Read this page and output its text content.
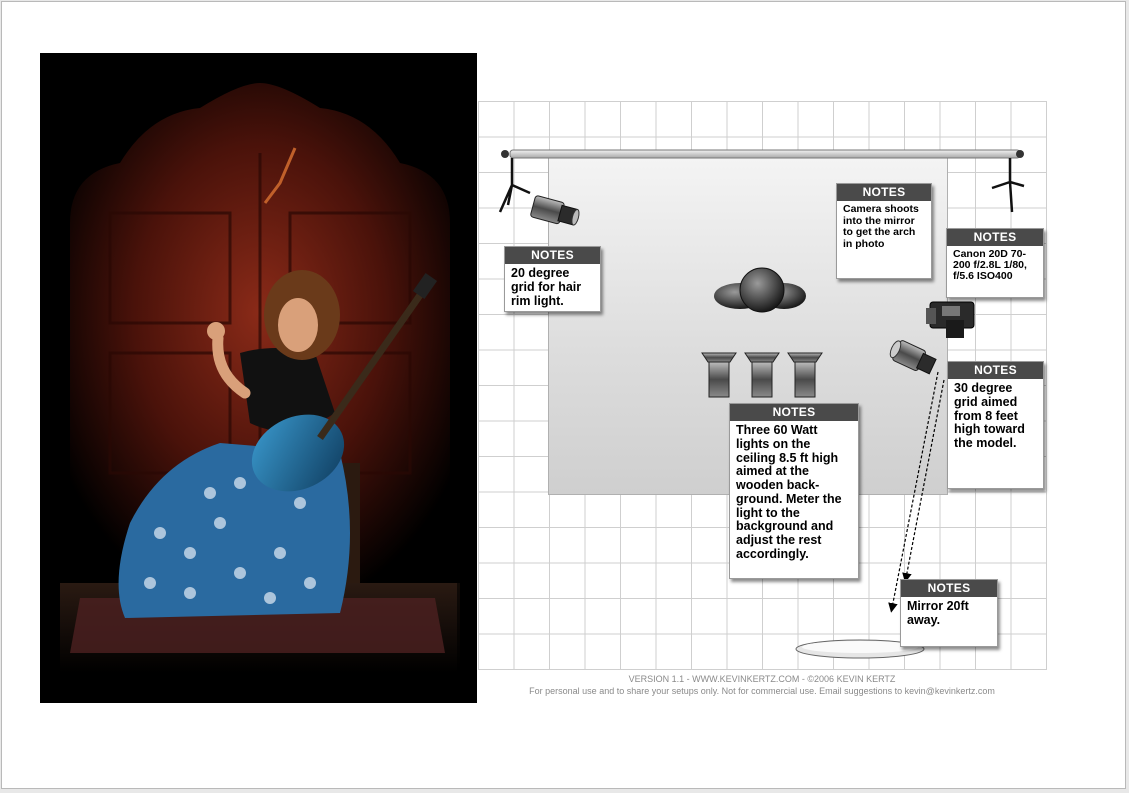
NOTES
20 degree grid for hair rim light.
NOTES
Camera shoots into the mirror to get the arch in photo	NOTES
Canon 20D 70-200 f/2.8L 1/80, f/5.6 ISO400
NOTES
Three 60 Watt lights on the ceiling 8.5 ft high aimed at the wooden back-ground. Meter the light to the background and adjust the rest accordingly.
NOTES
30 degree grid aimed from 8 feet high toward the model.
NOTES
Mirror 20ft away.
VERSION 1.1 - WWW.KEVINKERTZ.COM - ©2006 KEVIN KERTZ
For personal use and to share your setups only. Not for commercial use. Email suggestions to kevin@kevinkertz.com
